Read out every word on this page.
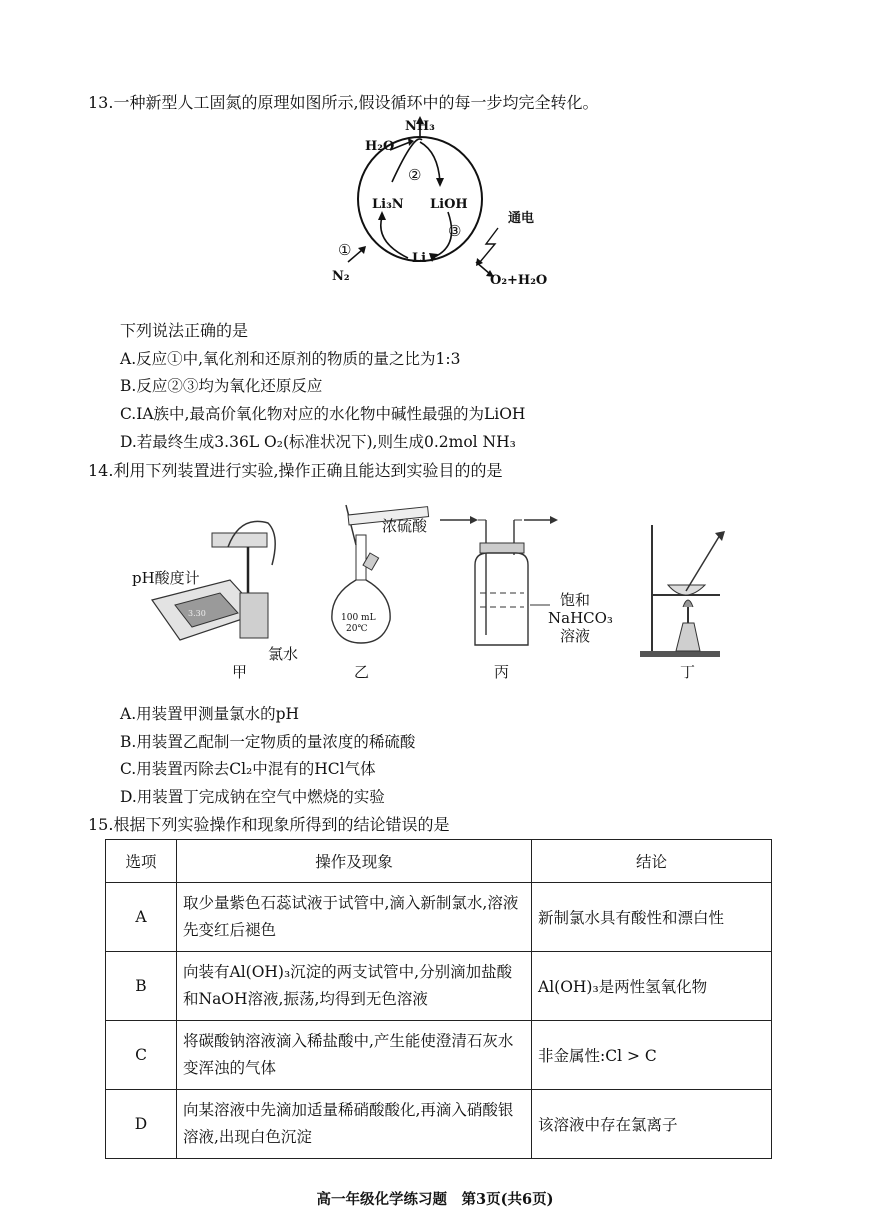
13.一种新型人工固氮的原理如图所示,假设循环中的每一步均完全转化。
NH₃
H₂O
②
Li₃N LiOH
③
①	Li
N₂
通电
O₂+H₂O
下列说法正确的是
A.反应①中,氧化剂和还原剂的物质的量之比为1:3
B.反应②③均为氧化还原反应
C.IA族中,最高价氧化物对应的水化物中碱性最强的为LiOH
D.若最终生成3.36L O₂(标准状况下),则生成0.2mol NH₃
14.利用下列装置进行实验,操作正确且能达到实验目的的是
3.30
pH酸度计
氯水
甲
浓硫酸
100 mL
20℃
乙
饱和
NaHCO₃
溶液
丙	丁
A.用装置甲测量氯水的pH
B.用装置乙配制一定物质的量浓度的稀硫酸
C.用装置丙除去Cl₂中混有的HCl气体
D.用装置丁完成钠在空气中燃烧的实验
15.根据下列实验操作和现象所得到的结论错误的是
选项	操作及现象	结论
A	取少量紫色石蕊试液于试管中,滴入新制氯水,溶液先变红后褪色	新制氯水具有酸性和漂白性
B	向装有Al(OH)₃沉淀的两支试管中,分别滴加盐酸和NaOH溶液,振荡,均得到无色溶液	Al(OH)₃是两性氢氧化物
C	将碳酸钠溶液滴入稀盐酸中,产生能使澄清石灰水变浑浊的气体	非金属性:Cl > C
D	向某溶液中先滴加适量稀硝酸酸化,再滴入硝酸银溶液,出现白色沉淀	该溶液中存在氯离子
高一年级化学练习题　第3页(共6页)
